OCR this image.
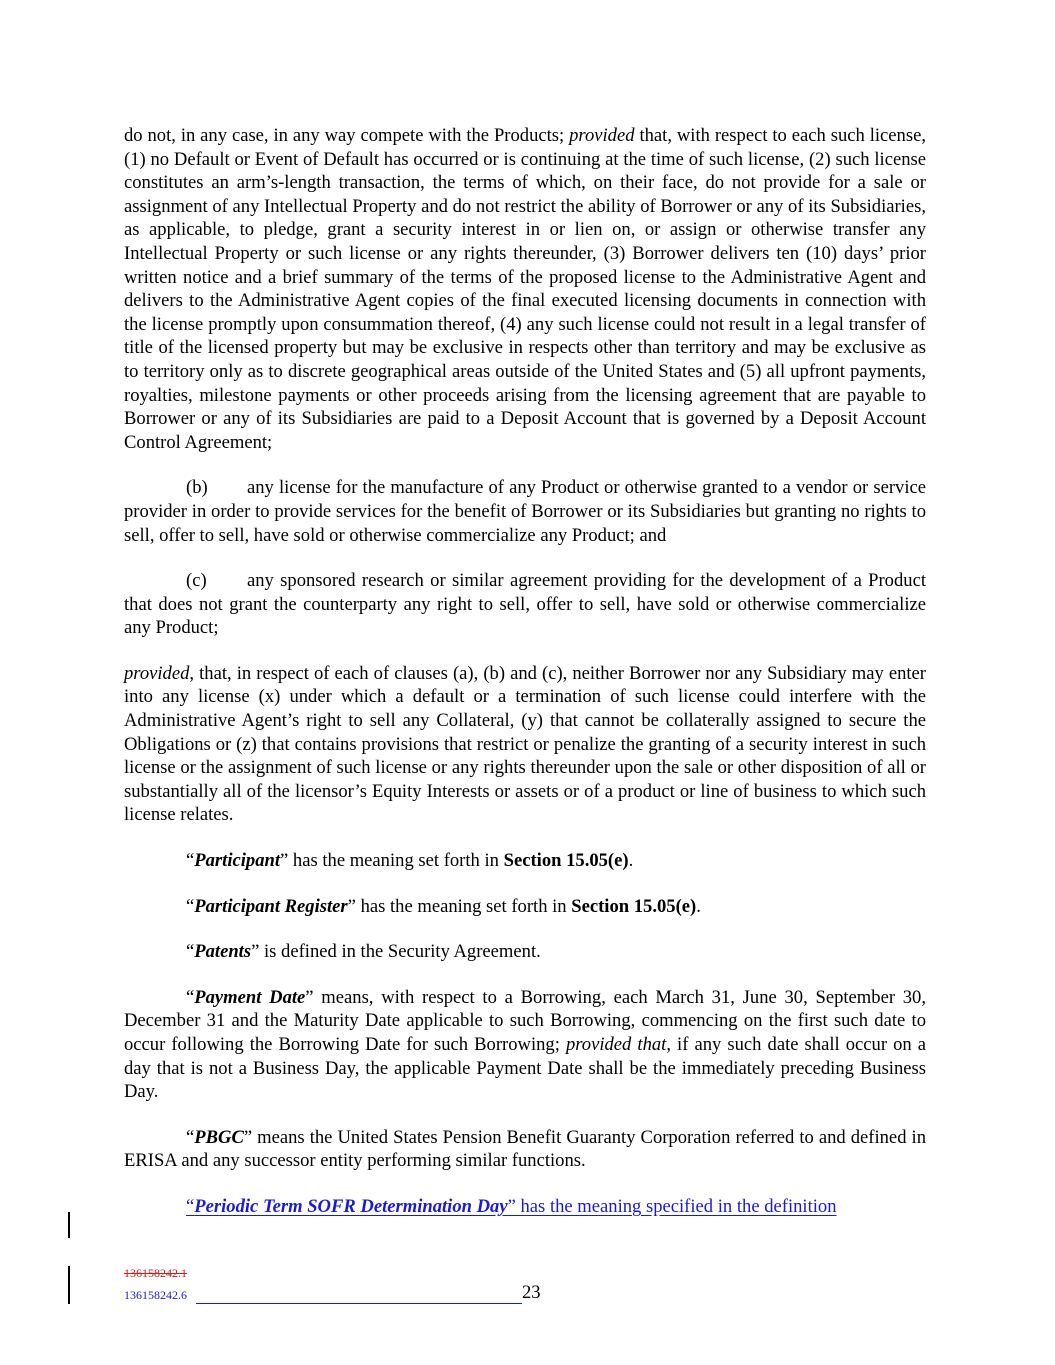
do not, in any case, in any way compete with the Products; provided that, with respect to each such license, (1) no Default or Event of Default has occurred or is continuing at the time of such license, (2) such license constitutes an arm’s-length transaction, the terms of which, on their face, do not provide for a sale or assignment of any Intellectual Property and do not restrict the ability of Borrower or any of its Subsidiaries, as applicable, to pledge, grant a security interest in or lien on, or assign or otherwise transfer any Intellectual Property or such license or any rights thereunder, (3) Borrower delivers ten (10) days’ prior written notice and a brief summary of the terms of the proposed license to the Administrative Agent and delivers to the Administrative Agent copies of the final executed licensing documents in connection with the license promptly upon consummation thereof, (4) any such license could not result in a legal transfer of title of the licensed property but may be exclusive in respects other than territory and may be exclusive as to territory only as to discrete geographical areas outside of the United States and (5) all upfront payments, royalties, milestone payments or other proceeds arising from the licensing agreement that are payable to Borrower or any of its Subsidiaries are paid to a Deposit Account that is governed by a Deposit Account Control Agreement;

(b) any license for the manufacture of any Product or otherwise granted to a vendor or service provider in order to provide services for the benefit of Borrower or its Subsidiaries but granting no rights to sell, offer to sell, have sold or otherwise commercialize any Product; and

(c) any sponsored research or similar agreement providing for the development of a Product that does not grant the counterparty any right to sell, offer to sell, have sold or otherwise commercialize any Product;

provided, that, in respect of each of clauses (a), (b) and (c), neither Borrower nor any Subsidiary may enter into any license (x) under which a default or a termination of such license could interfere with the Administrative Agent’s right to sell any Collateral, (y) that cannot be collaterally assigned to secure the Obligations or (z) that contains provisions that restrict or penalize the granting of a security interest in such license or the assignment of such license or any rights thereunder upon the sale or other disposition of all or substantially all of the licensor’s Equity Interests or assets or of a product or line of business to which such license relates.

“Participant” has the meaning set forth in Section 15.05(e).

“Participant Register” has the meaning set forth in Section 15.05(e).

“Patents” is defined in the Security Agreement.

“Payment Date” means, with respect to a Borrowing, each March 31, June 30, September 30, December 31 and the Maturity Date applicable to such Borrowing, commencing on the first such date to occur following the Borrowing Date for such Borrowing; provided that, if any such date shall occur on a day that is not a Business Day, the applicable Payment Date shall be the immediately preceding Business Day.

“PBGC” means the United States Pension Benefit Guaranty Corporation referred to and defined in ERISA and any successor entity performing similar functions.

“Periodic Term SOFR Determination Day” has the meaning specified in the definition

136158242.1
136158242.6	23
